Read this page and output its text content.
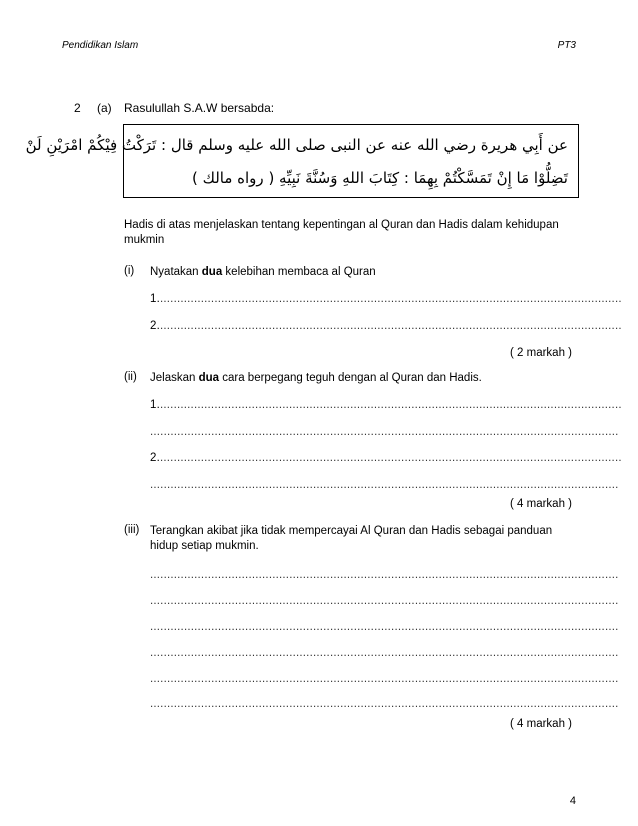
Pendidikan Islam	PT3
2 (a) Rasulullah S.A.W bersabda:
عن أَبِي هريرة رضي الله عنه عن النبى صلى الله عليه وسلم قال : تَرَكْتُ فِيْكُمْ امْرَيْنِ لَنْ
تَضِلُّوْا مَا إِنْ تَمَسَّكْتُمْ بِهِمَا : كِتَابَ اللهِ وَسُنَّةَ نَبِيِّهِ ( رواه مالك )
Hadis di atas menjelaskan tentang kepentingan al Quran dan Hadis dalam kehidupan mukmin
(i) Nyatakan dua kelebihan membaca al Quran
1.........................................................................................................................................
2.........................................................................................................................................
( 2 markah )
(ii) Jelaskan dua cara berpegang teguh dengan al Quran dan Hadis.
1.........................................................................................................................................
..........................................................................................................................................
2.........................................................................................................................................
..........................................................................................................................................
( 4 markah )
(iii) Terangkan akibat jika tidak mempercayai Al Quran dan Hadis sebagai panduan hidup setiap mukmin.
..........................................................................................................................................
..........................................................................................................................................
..........................................................................................................................................
..........................................................................................................................................
..........................................................................................................................................
..........................................................................................................................................
( 4 markah )
4
